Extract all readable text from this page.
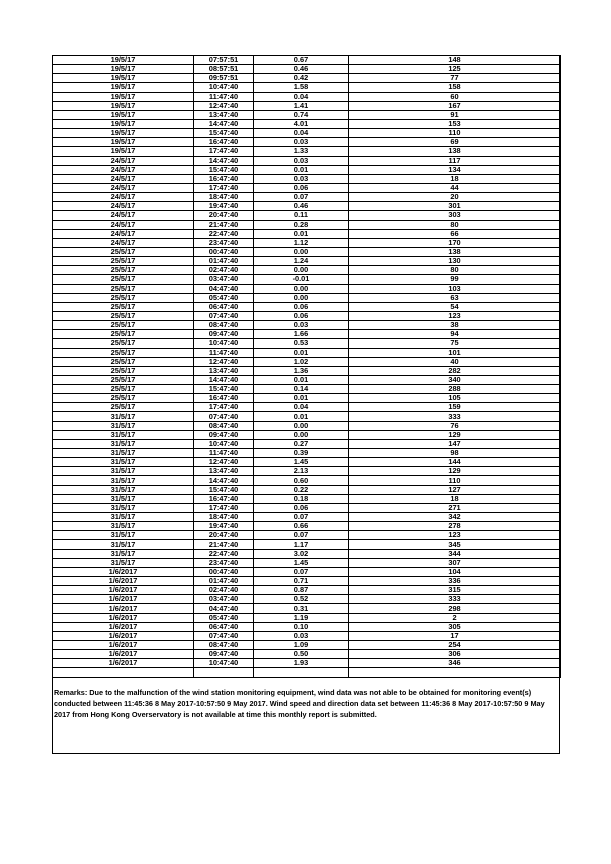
19/5/17	07:57:51	0.67	148
19/5/17	08:57:51	0.46	125
19/5/17	09:57:51	0.42	77
19/5/17	10:47:40	1.58	158
19/5/17	11:47:40	0.04	60
19/5/17	12:47:40	1.41	167
19/5/17	13:47:40	0.74	91
19/5/17	14:47:40	4.01	153
19/5/17	15:47:40	0.04	110
19/5/17	16:47:40	0.03	69
19/5/17	17:47:40	1.33	138
24/5/17	14:47:40	0.03	117
24/5/17	15:47:40	0.01	134
24/5/17	16:47:40	0.03	18
24/5/17	17:47:40	0.06	44
24/5/17	18:47:40	0.07	20
24/5/17	19:47:40	0.46	301
24/5/17	20:47:40	0.11	303
24/5/17	21:47:40	0.28	80
24/5/17	22:47:40	0.01	66
24/5/17	23:47:40	1.12	170
25/5/17	00:47:40	0.00	138
25/5/17	01:47:40	1.24	130
25/5/17	02:47:40	0.00	80
25/5/17	03:47:40	-0.01	99
25/5/17	04:47:40	0.00	103
25/5/17	05:47:40	0.00	63
25/5/17	06:47:40	0.06	54
25/5/17	07:47:40	0.06	123
25/5/17	08:47:40	0.03	38
25/5/17	09:47:40	1.66	94
25/5/17	10:47:40	0.53	75
25/5/17	11:47:40	0.01	101
25/5/17	12:47:40	1.02	40
25/5/17	13:47:40	1.36	282
25/5/17	14:47:40	0.01	340
25/5/17	15:47:40	0.14	288
25/5/17	16:47:40	0.01	105
25/5/17	17:47:40	0.04	159
31/5/17	07:47:40	0.01	333
31/5/17	08:47:40	0.00	76
31/5/17	09:47:40	0.00	129
31/5/17	10:47:40	0.27	147
31/5/17	11:47:40	0.39	98
31/5/17	12:47:40	1.45	144
31/5/17	13:47:40	2.13	129
31/5/17	14:47:40	0.60	110
31/5/17	15:47:40	0.22	127
31/5/17	16:47:40	0.18	18
31/5/17	17:47:40	0.06	271
31/5/17	18:47:40	0.07	342
31/5/17	19:47:40	0.66	278
31/5/17	20:47:40	0.07	123
31/5/17	21:47:40	1.17	345
31/5/17	22:47:40	3.02	344
31/5/17	23:47:40	1.45	307
1/6/2017	00:47:40	0.07	104
1/6/2017	01:47:40	0.71	336
1/6/2017	02:47:40	0.87	315
1/6/2017	03:47:40	0.52	333
1/6/2017	04:47:40	0.31	298
1/6/2017	05:47:40	1.19	2
1/6/2017	06:47:40	0.10	305
1/6/2017	07:47:40	0.03	17
1/6/2017	08:47:40	1.09	254
1/6/2017	09:47:40	0.50	306
1/6/2017	10:47:40	1.93	346

Remarks: Due to the malfunction of the wind station monitoring equipment, wind data was not able to be obtained for monitoring event(s) conducted between 11:45:36 8 May 2017-10:57:50 9 May 2017. Wind speed and direction data set between 11:45:36 8 May 2017-10:57:50 9 May 2017 from Hong Kong Overservatory is not available at time this monthly report is submitted.
